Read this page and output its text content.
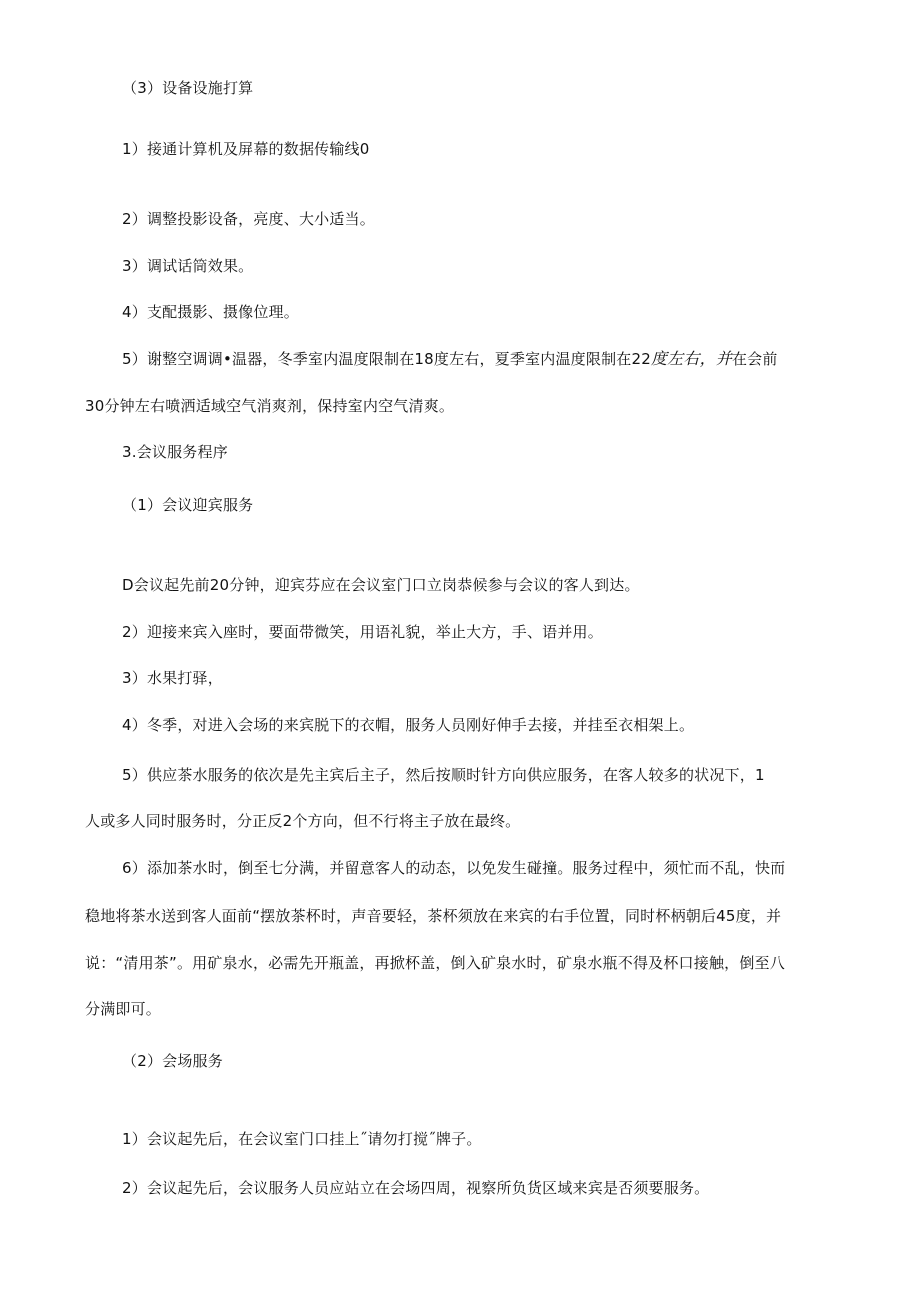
（3）设备设施打算

1）接通计算机及屏幕的数据传输线0

2）调整投影设备，亮度、大小适当。

3）调试话筒效果。

4）支配摄影、摄像位理。

5）谢整空调调•温器，冬季室内温度限制在18度左右，夏季室内温度限制在22度左右，并在会前

30分钟左右喷洒适域空气消爽剂，保持室内空气清爽。

3.会议服务程序

（1）会议迎宾服务

D会议起先前20分钟，迎宾芬应在会议室门口立岗恭候参与会议的客人到达。

2）迎接来宾入座时，要面带微笑，用语礼貌，举止大方，手、语并用。

3）水果打驿，

4）冬季，对进入会场的来宾脱下的衣帽，服务人员刚好伸手去接，并挂至衣相架上。

5）供应茶水服务的依次是先主宾后主子，然后按顺时针方向供应服务，在客人较多的状况下，1

人或多人同时服务时，分正反2个方向，但不行将主子放在最终。

6）添加茶水时，倒至七分满，并留意客人的动态，以免发生碰撞。服务过程中，须忙而不乱，快而

稳地将茶水送到客人面前“摆放茶杯时，声音要轻，茶杯须放在来宾的右手位置，同时杯柄朝后45度，并

说：“清用茶”。用矿泉水，必需先开瓶盖，再掀杯盖，倒入矿泉水时，矿泉水瓶不得及杯口接触，倒至八

分满即可。

（2）会场服务

1）会议起先后，在会议室门口挂上˝请勿打搅˝牌子。

2）会议起先后，会议服务人员应站立在会场四周，视察所负货区域来宾是否须要服务。
